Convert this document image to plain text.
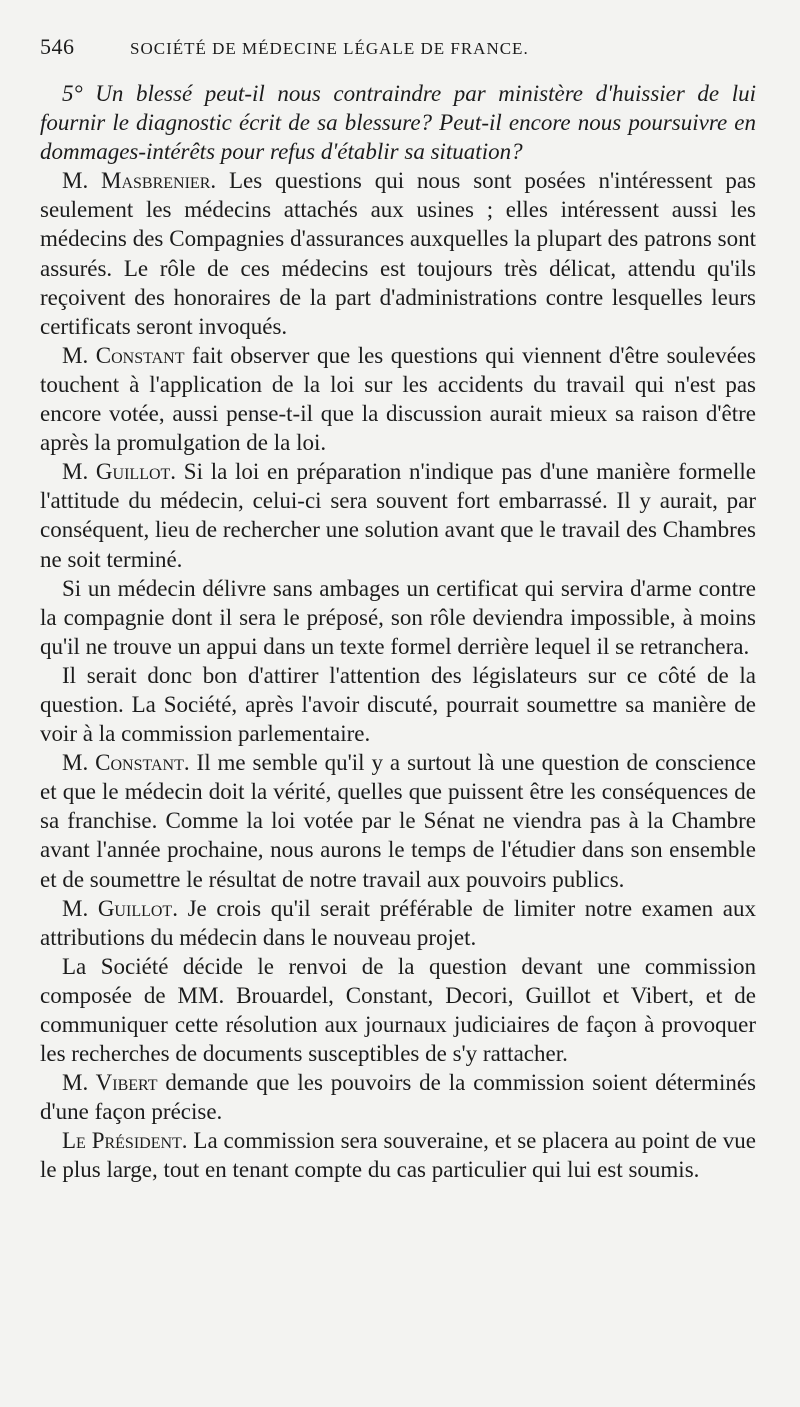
546	SOCIÉTÉ DE MÉDECINE LÉGALE DE FRANCE.

5° Un blessé peut-il nous contraindre par ministère d'huissier de lui fournir le diagnostic écrit de sa blessure? Peut-il encore nous poursuivre en dommages-intérêts pour refus d'établir sa situation?

M. Masbrenier. Les questions qui nous sont posées n'intéressent pas seulement les médecins attachés aux usines ; elles intéressent aussi les médecins des Compagnies d'assurances auxquelles la plupart des patrons sont assurés. Le rôle de ces médecins est toujours très délicat, attendu qu'ils reçoivent des honoraires de la part d'administrations contre lesquelles leurs certificats seront invoqués.

M. Constant fait observer que les questions qui viennent d'être soulevées touchent à l'application de la loi sur les accidents du travail qui n'est pas encore votée, aussi pense-t-il que la discussion aurait mieux sa raison d'être après la promulgation de la loi.

M. Guillot. Si la loi en préparation n'indique pas d'une manière formelle l'attitude du médecin, celui-ci sera souvent fort embarrassé. Il y aurait, par conséquent, lieu de rechercher une solution avant que le travail des Chambres ne soit terminé.

Si un médecin délivre sans ambages un certificat qui servira d'arme contre la compagnie dont il sera le préposé, son rôle deviendra impossible, à moins qu'il ne trouve un appui dans un texte formel derrière lequel il se retranchera.

Il serait donc bon d'attirer l'attention des législateurs sur ce côté de la question. La Société, après l'avoir discuté, pourrait soumettre sa manière de voir à la commission parlementaire.

M. Constant. Il me semble qu'il y a surtout là une question de conscience et que le médecin doit la vérité, quelles que puissent être les conséquences de sa franchise. Comme la loi votée par le Sénat ne viendra pas à la Chambre avant l'année prochaine, nous aurons le temps de l'étudier dans son ensemble et de soumettre le résultat de notre travail aux pouvoirs publics.

M. Guillot. Je crois qu'il serait préférable de limiter notre examen aux attributions du médecin dans le nouveau projet.

La Société décide le renvoi de la question devant une commission composée de MM. Brouardel, Constant, Decori, Guillot et Vibert, et de communiquer cette résolution aux journaux judiciaires de façon à provoquer les recherches de documents susceptibles de s'y rattacher.

M. Vibert demande que les pouvoirs de la commission soient déterminés d'une façon précise.

Le Président. La commission sera souveraine, et se placera au point de vue le plus large, tout en tenant compte du cas particulier qui lui est soumis.
